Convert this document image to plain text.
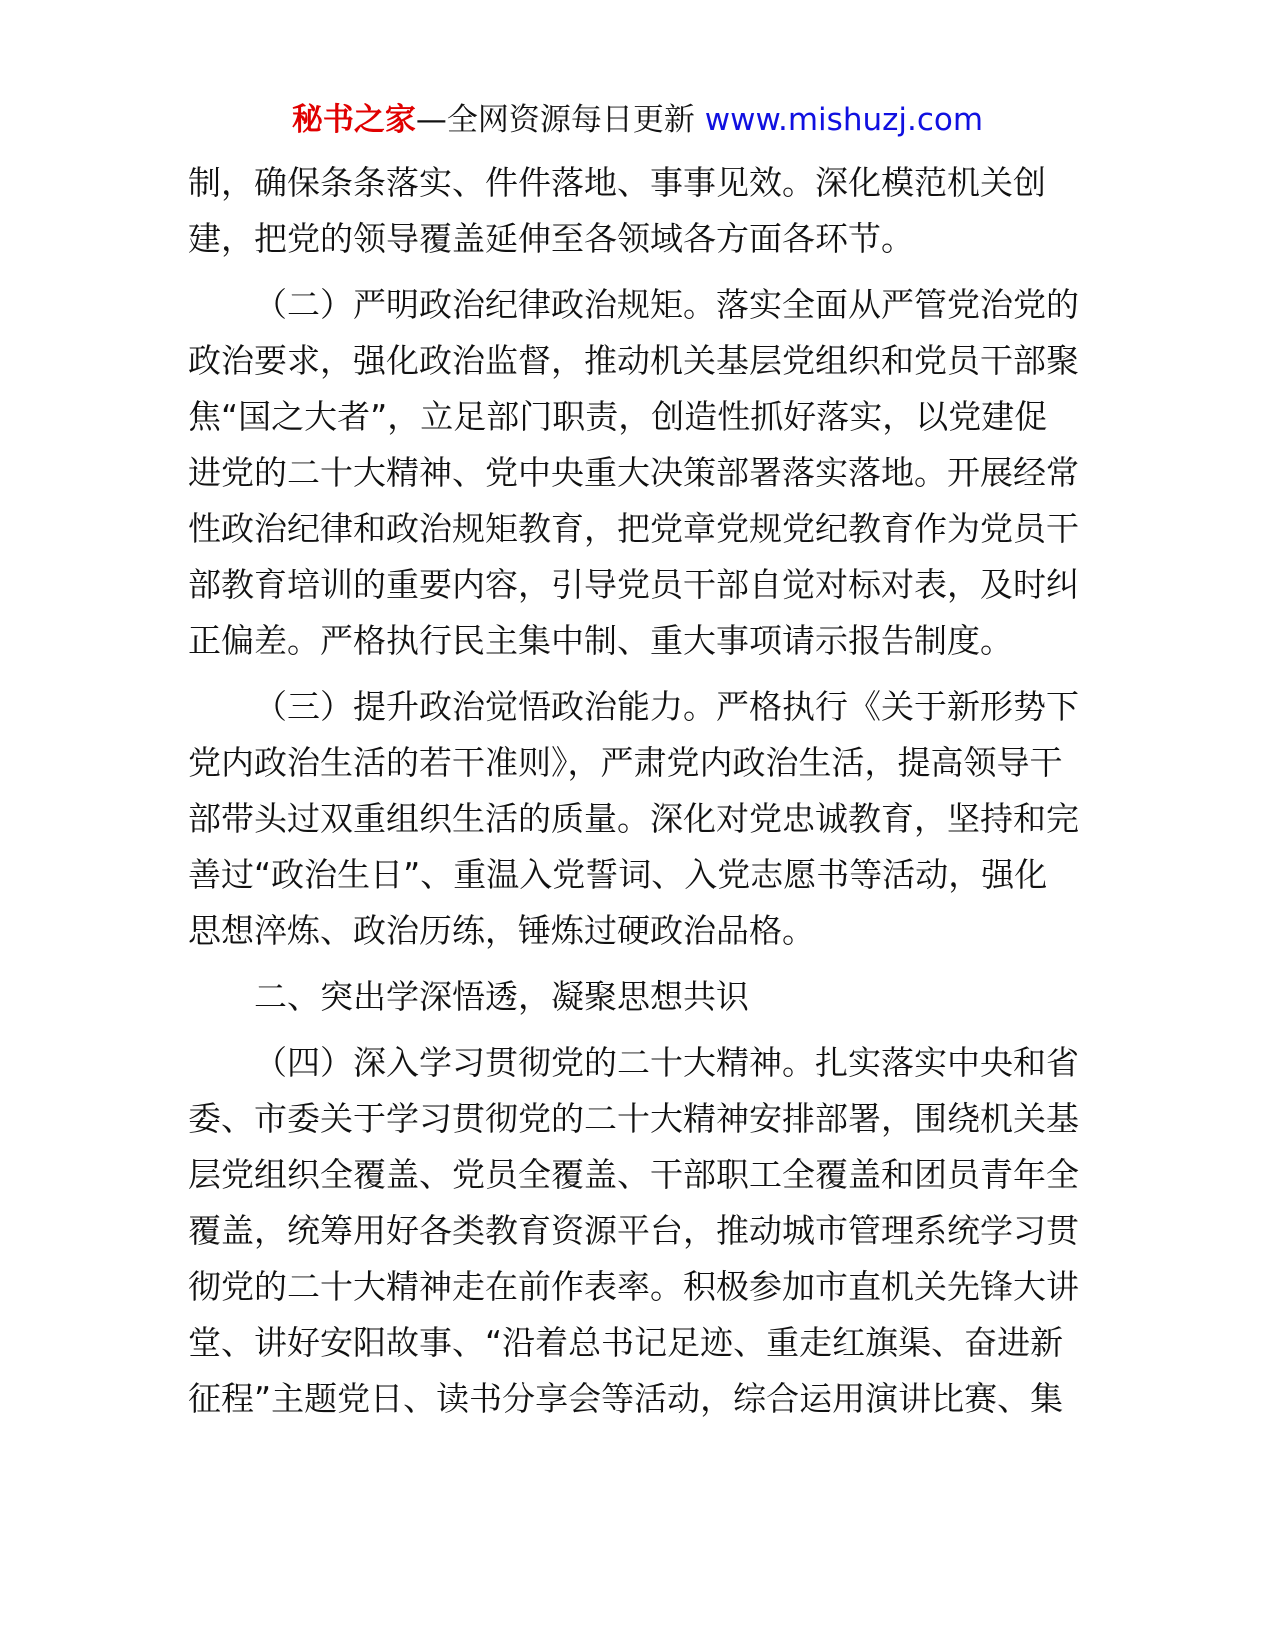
秘书之家—全网资源每日更新 www.mishuzj.com
制，确保条条落实、件件落地、事事见效。深化模范机关创
建，把党的领导覆盖延伸至各领域各方面各环节。
（二）严明政治纪律政治规矩。落实全面从严管党治党的
政治要求，强化政治监督，推动机关基层党组织和党员干部聚
焦“国之大者”，立足部门职责，创造性抓好落实，以党建促
进党的二十大精神、党中央重大决策部署落实落地。开展经常
性政治纪律和政治规矩教育，把党章党规党纪教育作为党员干
部教育培训的重要内容，引导党员干部自觉对标对表，及时纠
正偏差。严格执行民主集中制、重大事项请示报告制度。
（三）提升政治觉悟政治能力。严格执行《关于新形势下
党内政治生活的若干准则》，严肃党内政治生活，提高领导干
部带头过双重组织生活的质量。深化对党忠诚教育，坚持和完
善过“政治生日”、重温入党誓词、入党志愿书等活动，强化
思想淬炼、政治历练，锤炼过硬政治品格。
二、突出学深悟透，凝聚思想共识
（四）深入学习贯彻党的二十大精神。扎实落实中央和省
委、市委关于学习贯彻党的二十大精神安排部署，围绕机关基
层党组织全覆盖、党员全覆盖、干部职工全覆盖和团员青年全
覆盖，统筹用好各类教育资源平台，推动城市管理系统学习贯
彻党的二十大精神走在前作表率。积极参加市直机关先锋大讲
堂、讲好安阳故事、“沿着总书记足迹、重走红旗渠、奋进新
征程”主题党日、读书分享会等活动，综合运用演讲比赛、集
